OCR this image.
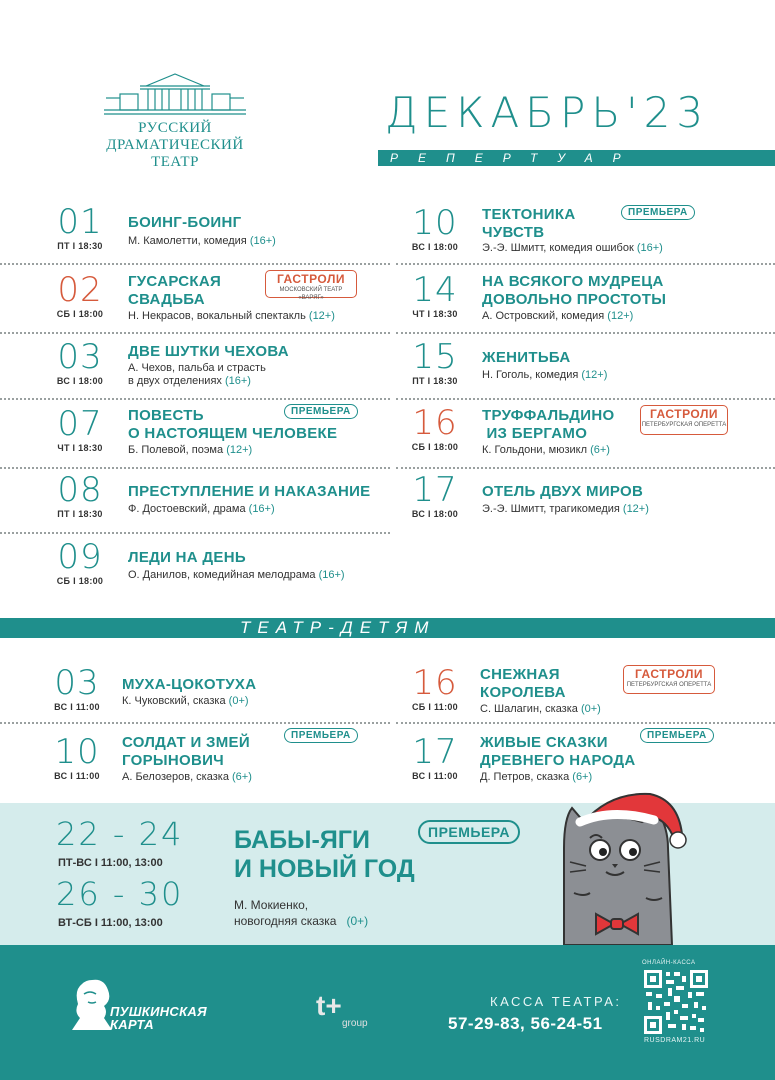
РУССКИЙ
ДРАМАТИЧЕСКИЙ
ТЕАТР
ДЕКАБРЬ'23
РЕПЕРТУАР
01
ПТ I 18:30
БОИНГ-БОИНГ
М. Камолетти, комедия (16+)
02
СБ I 18:00
ГУСАРСКАЯ
СВАДЬБА
Н. Некрасов, вокальный спектакль (12+)
ГАСТРОЛИ
МОСКОВСКИЙ ТЕАТР «ВАРЯГ»
03
ВС I 18:00
ДВЕ ШУТКИ ЧЕХОВА
А. Чехов, пальба и страсть
в двух отделениях (16+)
07
ЧТ I 18:30
ПОВЕСТЬ
О НАСТОЯЩЕМ ЧЕЛОВЕКЕ
Б. Полевой, поэма (12+)
ПРЕМЬЕРА
08
ПТ I 18:30
ПРЕСТУПЛЕНИЕ И НАКАЗАНИЕ
Ф. Достоевский, драма (16+)
09
СБ I 18:00
ЛЕДИ НА ДЕНЬ
О. Данилов, комедийная мелодрама (16+)
10
ВС I 18:00
ТЕКТОНИКА
ЧУВСТВ
Э.-Э. Шмитт, комедия ошибок (16+)
ПРЕМЬЕРА
14
ЧТ I 18:30
НА ВСЯКОГО МУДРЕЦА
ДОВОЛЬНО ПРОСТОТЫ
А. Островский, комедия (12+)
15
ПТ I 18:30
ЖЕНИТЬБА
Н. Гоголь, комедия (12+)
16
СБ I 18:00
ТРУФФАЛЬДИНО
ИЗ БЕРГАМО
К. Гольдони, мюзикл (6+)
ГАСТРОЛИ
ПЕТЕРБУРГСКАЯ ОПЕРЕТТА
17
ВС I 18:00
ОТЕЛЬ ДВУХ МИРОВ
Э.-Э. Шмитт, трагикомедия (12+)
ТЕАТР-ДЕТЯМ
03
ВС I 11:00
МУХА-ЦОКОТУХА
К. Чуковский, сказка (0+)
10
ВС I 11:00
СОЛДАТ И ЗМЕЙ
ГОРЫНОВИЧ
А. Белозеров, сказка (6+)
ПРЕМЬЕРА
16
СБ I 11:00
СНЕЖНАЯ
КОРОЛЕВА
С. Шалагин, сказка (0+)
ГАСТРОЛИ
ПЕТЕРБУРГСКАЯ ОПЕРЕТТА
17
ВС I 11:00
ЖИВЫЕ СКАЗКИ
ДРЕВНЕГО НАРОДА
Д. Петров, сказка (6+)
ПРЕМЬЕРА
22 - 24
ПТ-ВС I 11:00, 13:00
26 - 30
ВТ-СБ I 11:00, 13:00
БАБЫ-ЯГИ
И НОВЫЙ ГОД
ПРЕМЬЕРА
М. Мокиенко,
новогодняя сказка (0+)
ПУШКИНСКАЯ
КАРТА
t+
group
КАССА ТЕАТРА:
57-29-83, 56-24-51
ОНЛАЙН-КАССА
RUSDRAM21.RU
